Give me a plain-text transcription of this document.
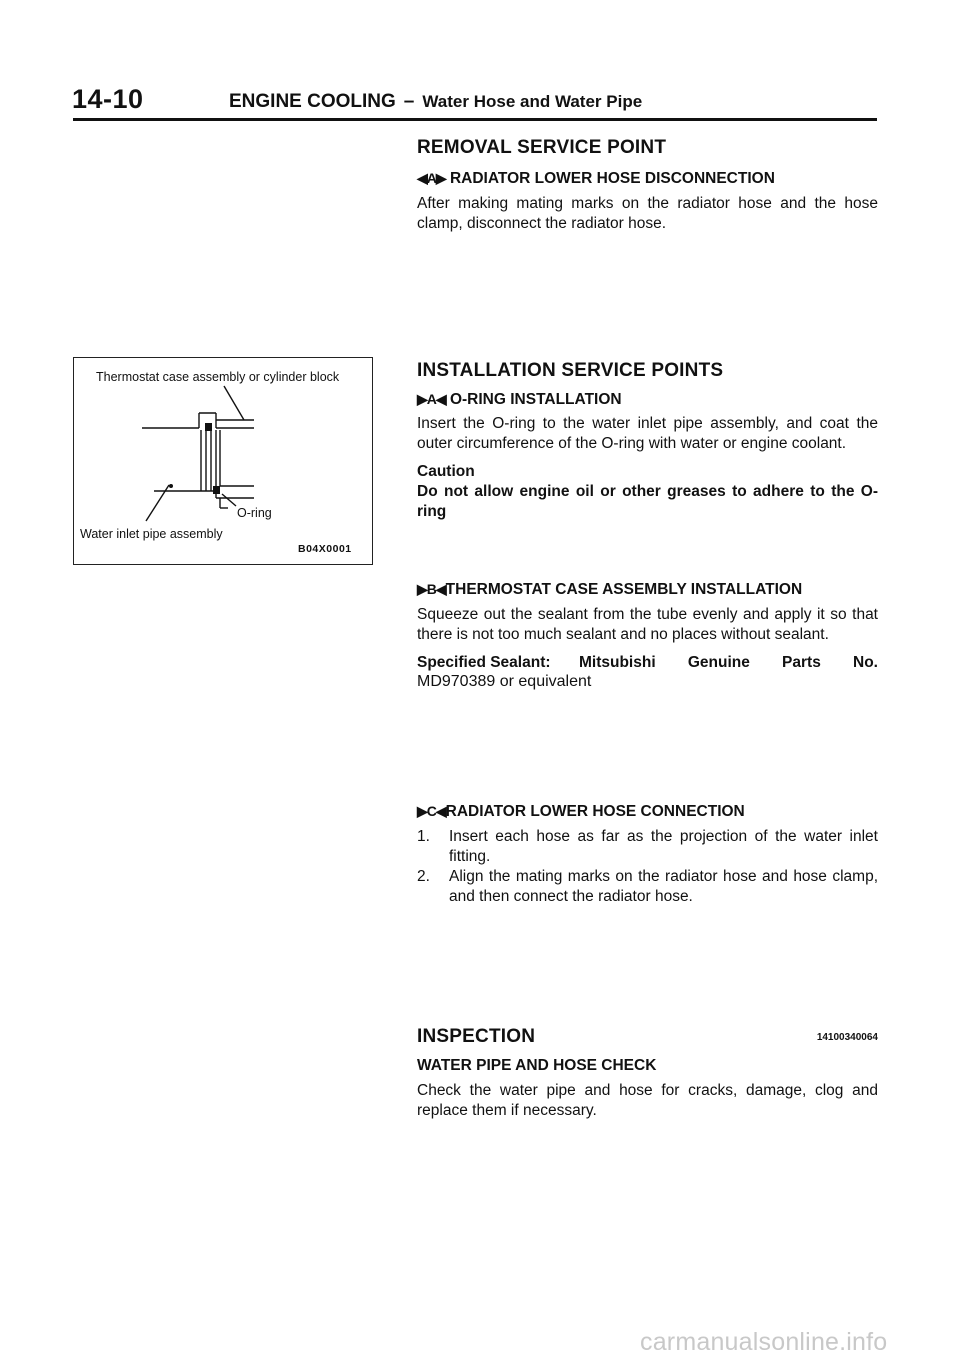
14-10	ENGINE COOLING – Water Hose and Water Pipe
REMOVAL SERVICE POINT
◀A▶ RADIATOR LOWER HOSE DISCONNECTION

After making mating marks on the radiator hose and the hose clamp, disconnect the radiator hose.

Thermostat case assembly or cylinder block
O-ring
Water inlet pipe assembly
B04X0001
INSTALLATION SERVICE POINTS
▶A◀ O-RING INSTALLATION

Insert the O-ring to the water inlet pipe assembly, and coat the outer circumference of the O-ring with water or engine coolant.

Caution

Do not allow engine oil or other greases to adhere to the O-ring

▶B◀THERMOSTAT CASE ASSEMBLY INSTALLATION

Squeeze out the sealant from the tube evenly and apply it so that there is not too much sealant and no places without sealant.

Specified Sealant:	Mitsubishi Genuine Parts No.
MD970389 or equivalent
▶C◀RADIATOR LOWER HOSE CONNECTION
1. Insert each hose as far as the projection of the water inlet fitting.
2. Align the mating marks on the radiator hose and hose clamp, and then connect the radiator hose.
INSPECTION	14100340064
WATER PIPE AND HOSE CHECK

Check the water pipe and hose for cracks, damage, clog and replace them if necessary.

carmanualsonline.info
